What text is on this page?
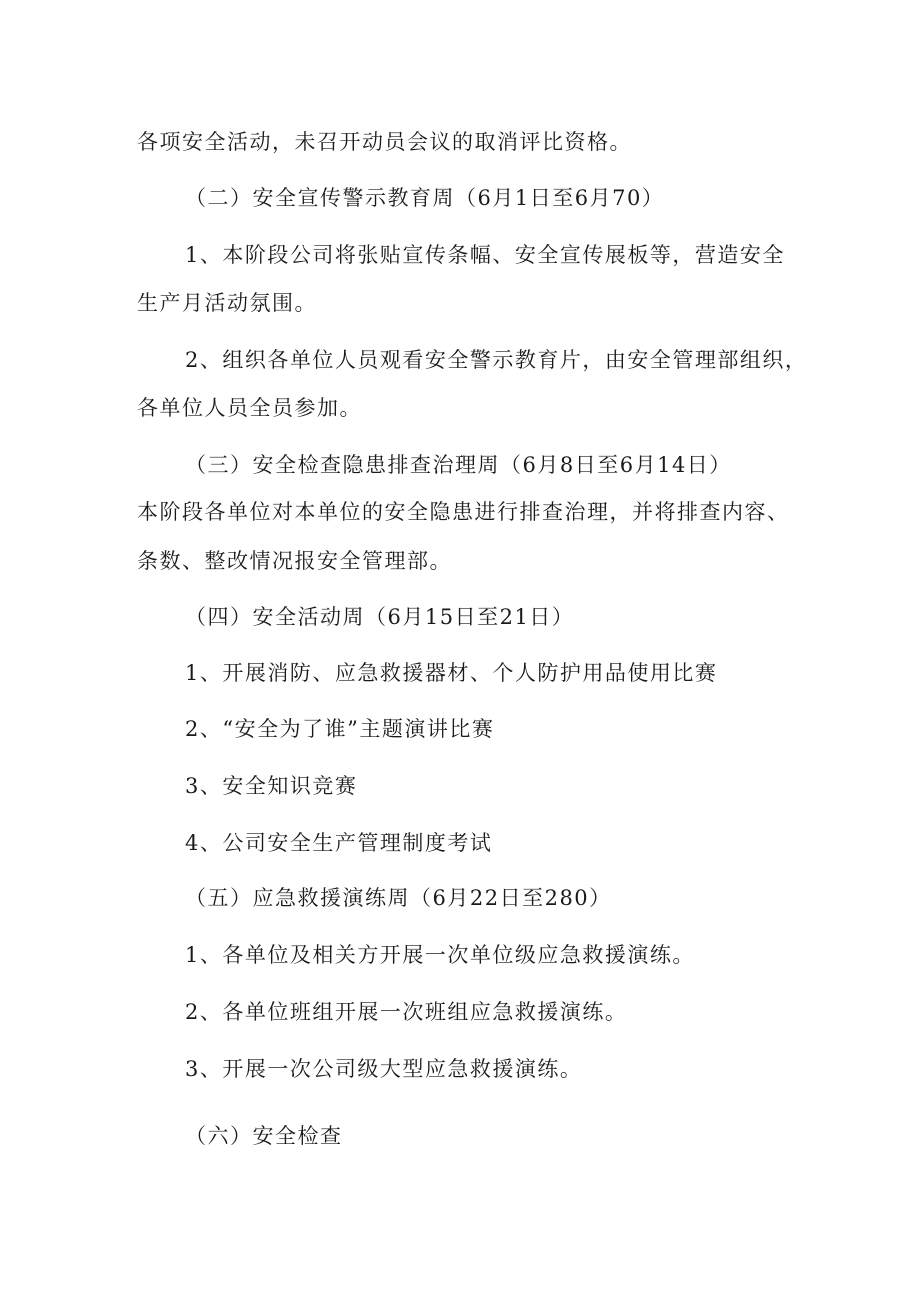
各项安全活动，未召开动员会议的取消评比资格。
（二）安全宣传警示教育周（6月1日至6月70）
1、本阶段公司将张贴宣传条幅、安全宣传展板等，营造安全
生产月活动氛围。
2、组织各单位人员观看安全警示教育片，由安全管理部组织，
各单位人员全员参加。
（三）安全检查隐患排查治理周（6月8日至6月14日）
本阶段各单位对本单位的安全隐患进行排查治理，并将排查内容、
条数、整改情况报安全管理部。
（四）安全活动周（6月15日至21日）
1、开展消防、应急救援器材、个人防护用品使用比赛
2、“安全为了谁”主题演讲比赛
3、安全知识竞赛
4、公司安全生产管理制度考试
（五）应急救援演练周（6月22日至280）
1、各单位及相关方开展一次单位级应急救援演练。
2、各单位班组开展一次班组应急救援演练。
3、开展一次公司级大型应急救援演练。
（六）安全检查
